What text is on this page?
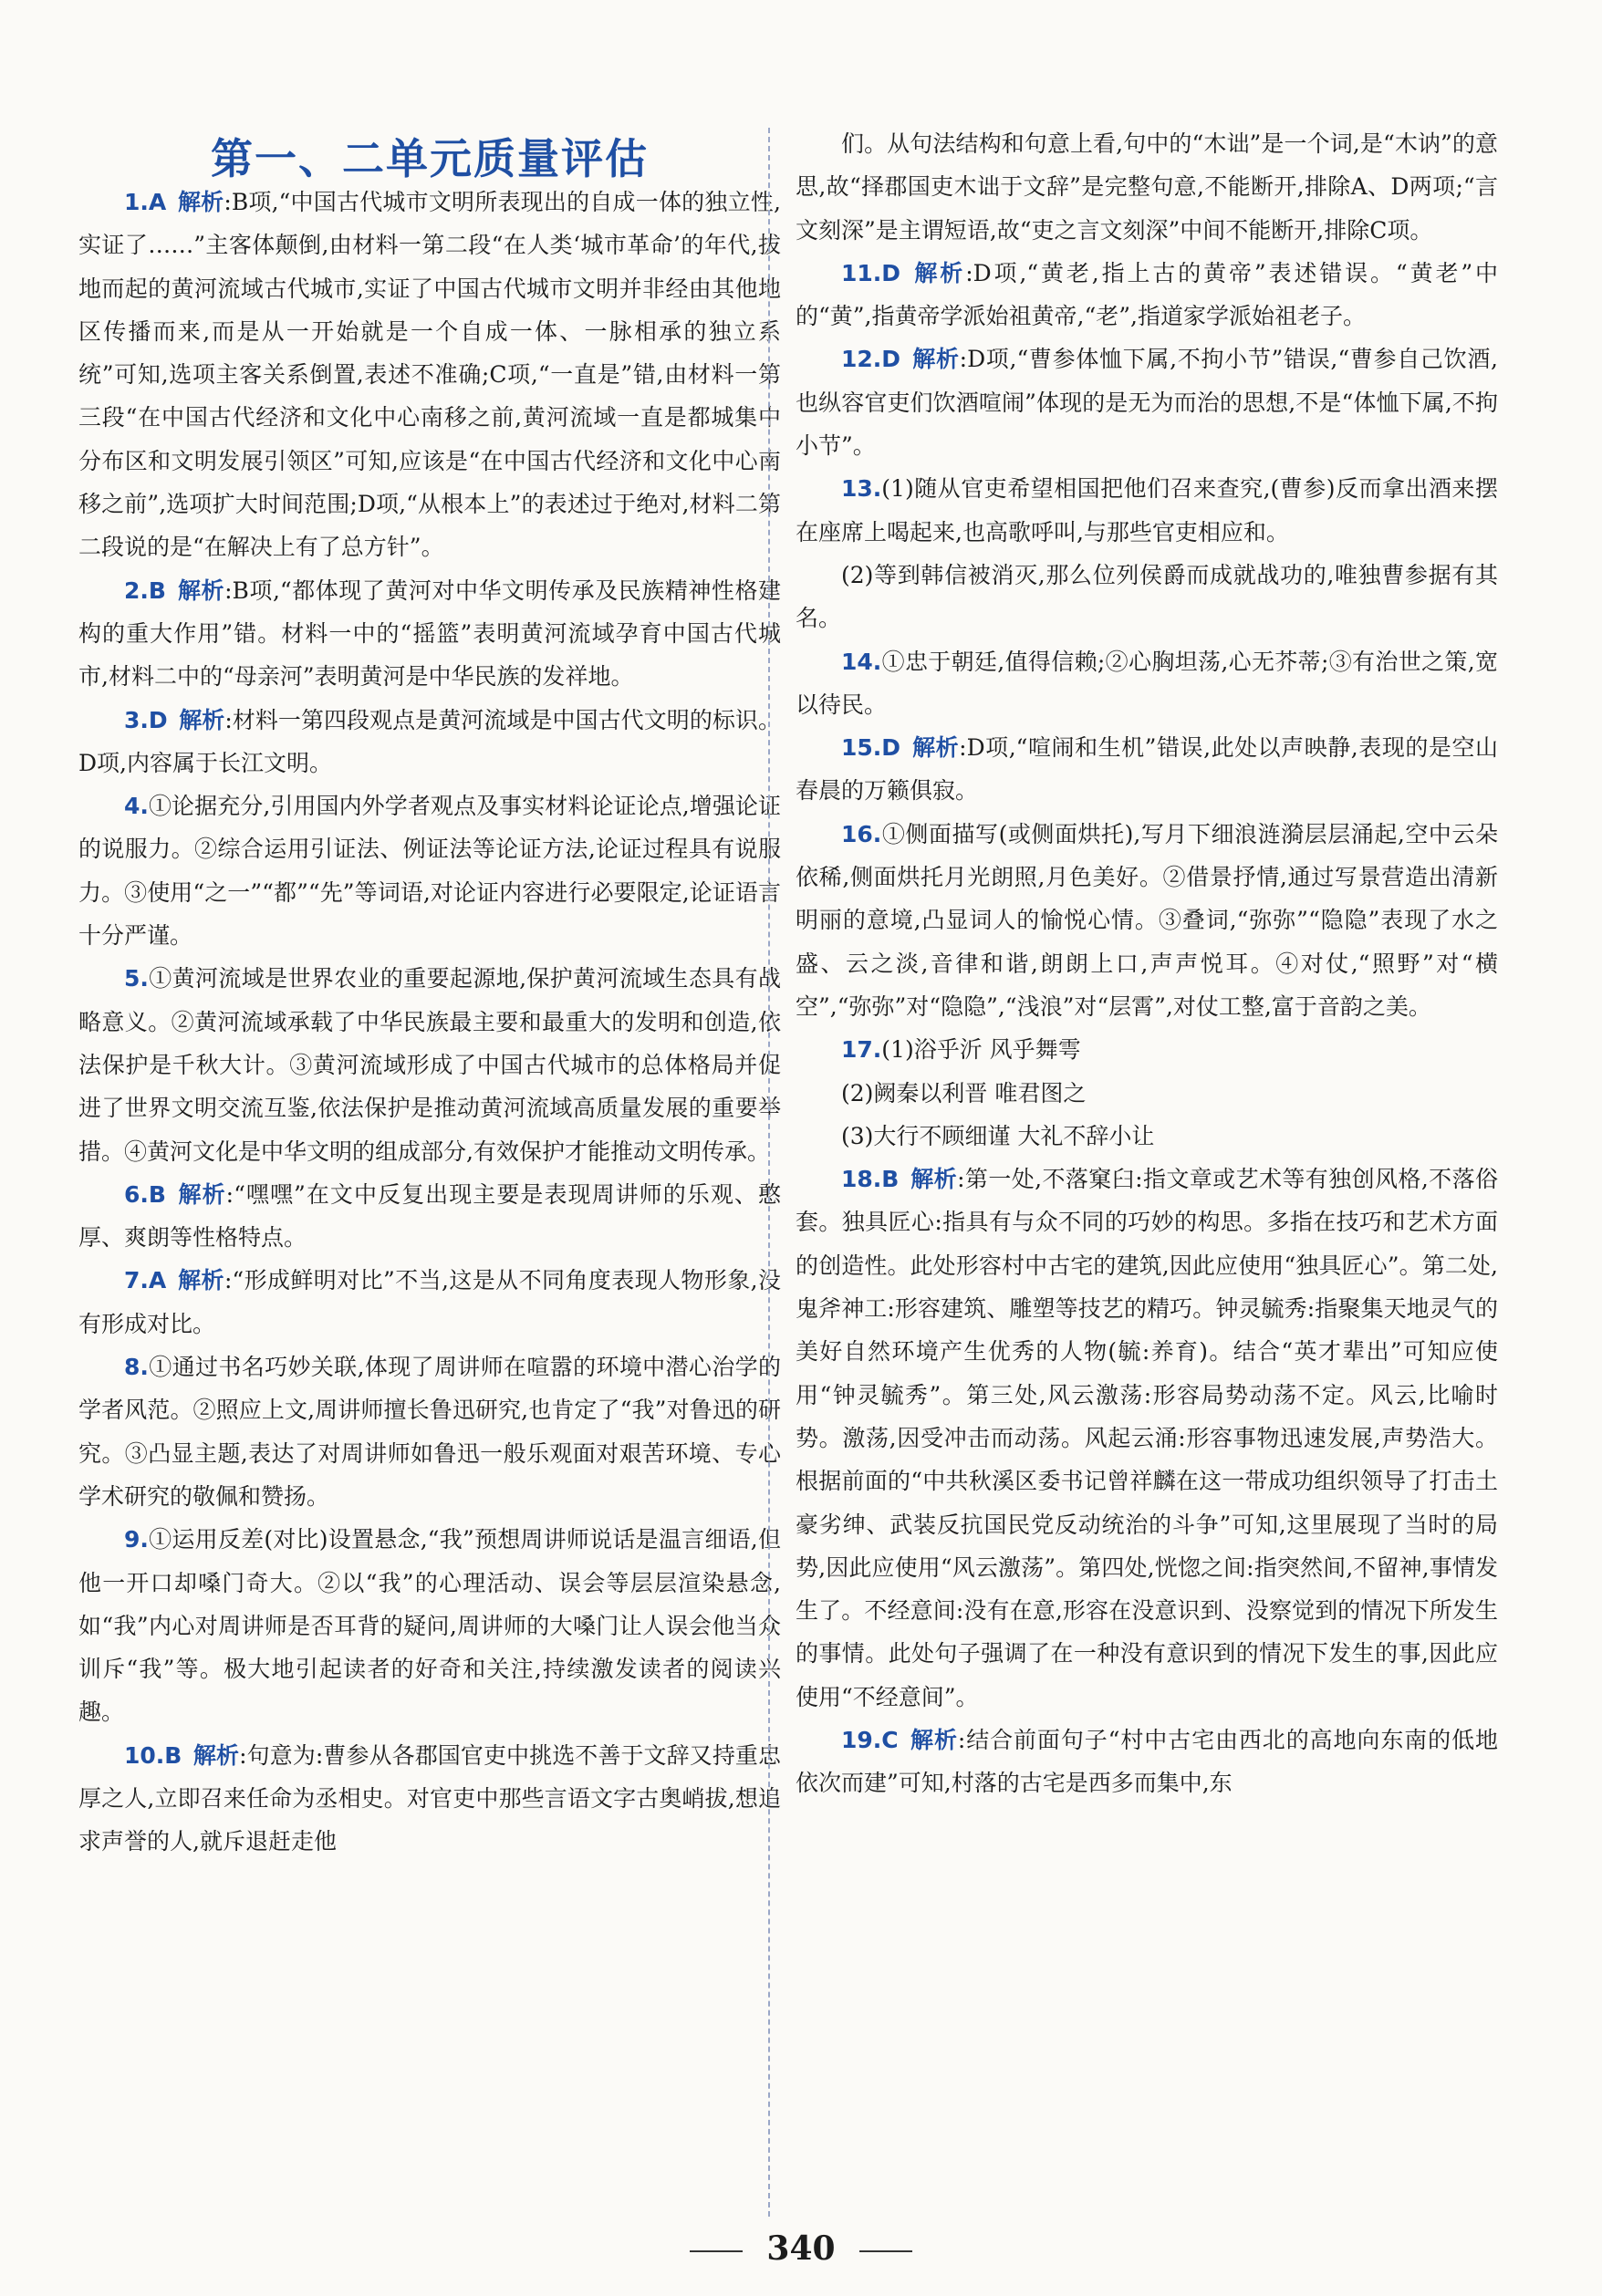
第一、二单元质量评估

1.A  解析:B项,“中国古代城市文明所表现出的自成一体的独立性,实证了……”主客体颠倒,由材料一第二段“在人类‘城市革命’的年代,拔地而起的黄河流域古代城市,实证了中国古代城市文明并非经由其他地区传播而来,而是从一开始就是一个自成一体、一脉相承的独立系统”可知,选项主客关系倒置,表述不准确;C项,“一直是”错,由材料一第三段“在中国古代经济和文化中心南移之前,黄河流域一直是都城集中分布区和文明发展引领区”可知,应该是“在中国古代经济和文化中心南移之前”,选项扩大时间范围;D项,“从根本上”的表述过于绝对,材料二第二段说的是“在解决上有了总方针”。

2.B  解析:B项,“都体现了黄河对中华文明传承及民族精神性格建构的重大作用”错。材料一中的“摇篮”表明黄河流域孕育中国古代城市,材料二中的“母亲河”表明黄河是中华民族的发祥地。

3.D  解析:材料一第四段观点是黄河流域是中国古代文明的标识。D项,内容属于长江文明。

4.①论据充分,引用国内外学者观点及事实材料论证论点,增强论证的说服力。②综合运用引证法、例证法等论证方法,论证过程具有说服力。③使用“之一”“都”“先”等词语,对论证内容进行必要限定,论证语言十分严谨。

5.①黄河流域是世界农业的重要起源地,保护黄河流域生态具有战略意义。②黄河流域承载了中华民族最主要和最重大的发明和创造,依法保护是千秋大计。③黄河流域形成了中国古代城市的总体格局并促进了世界文明交流互鉴,依法保护是推动黄河流域高质量发展的重要举措。④黄河文化是中华文明的组成部分,有效保护才能推动文明传承。

6.B  解析:“嘿嘿”在文中反复出现主要是表现周讲师的乐观、憨厚、爽朗等性格特点。

7.A  解析:“形成鲜明对比”不当,这是从不同角度表现人物形象,没有形成对比。

8.①通过书名巧妙关联,体现了周讲师在喧嚣的环境中潜心治学的学者风范。②照应上文,周讲师擅长鲁迅研究,也肯定了“我”对鲁迅的研究。③凸显主题,表达了对周讲师如鲁迅一般乐观面对艰苦环境、专心学术研究的敬佩和赞扬。

9.①运用反差(对比)设置悬念,“我”预想周讲师说话是温言细语,但他一开口却嗓门奇大。②以“我”的心理活动、误会等层层渲染悬念,如“我”内心对周讲师是否耳背的疑问,周讲师的大嗓门让人误会他当众训斥“我”等。极大地引起读者的好奇和关注,持续激发读者的阅读兴趣。

10.B  解析:句意为:曹参从各郡国官吏中挑选不善于文辞又持重忠厚之人,立即召来任命为丞相史。对官吏中那些言语文字古奥峭拔,想追求声誉的人,就斥退赶走他

们。从句法结构和句意上看,句中的“木诎”是一个词,是“木讷”的意思,故“择郡国吏木诎于文辞”是完整句意,不能断开,排除A、D两项;“言文刻深”是主谓短语,故“吏之言文刻深”中间不能断开,排除C项。

11.D  解析:D项,“黄老,指上古的黄帝”表述错误。“黄老”中的“黄”,指黄帝学派始祖黄帝,“老”,指道家学派始祖老子。

12.D  解析:D项,“曹参体恤下属,不拘小节”错误,“曹参自己饮酒,也纵容官吏们饮酒喧闹”体现的是无为而治的思想,不是“体恤下属,不拘小节”。

13.(1)随从官吏希望相国把他们召来查究,(曹参)反而拿出酒来摆在座席上喝起来,也高歌呼叫,与那些官吏相应和。

(2)等到韩信被消灭,那么位列侯爵而成就战功的,唯独曹参据有其名。

14.①忠于朝廷,值得信赖;②心胸坦荡,心无芥蒂;③有治世之策,宽以待民。

15.D  解析:D项,“喧闹和生机”错误,此处以声映静,表现的是空山春晨的万籁俱寂。

16.①侧面描写(或侧面烘托),写月下细浪涟漪层层涌起,空中云朵依稀,侧面烘托月光朗照,月色美好。②借景抒情,通过写景营造出清新明丽的意境,凸显词人的愉悦心情。③叠词,“弥弥”“隐隐”表现了水之盛、云之淡,音律和谐,朗朗上口,声声悦耳。④对仗,“照野”对“横空”,“弥弥”对“隐隐”,“浅浪”对“层霄”,对仗工整,富于音韵之美。

17.(1)浴乎沂 风乎舞雩

(2)阙秦以利晋 唯君图之

(3)大行不顾细谨 大礼不辞小让

18.B  解析:第一处,不落窠臼:指文章或艺术等有独创风格,不落俗套。独具匠心:指具有与众不同的巧妙的构思。多指在技巧和艺术方面的创造性。此处形容村中古宅的建筑,因此应使用“独具匠心”。第二处,鬼斧神工:形容建筑、雕塑等技艺的精巧。钟灵毓秀:指聚集天地灵气的美好自然环境产生优秀的人物(毓:养育)。结合“英才辈出”可知应使用“钟灵毓秀”。第三处,风云激荡:形容局势动荡不定。风云,比喻时势。激荡,因受冲击而动荡。风起云涌:形容事物迅速发展,声势浩大。根据前面的“中共秋溪区委书记曾祥麟在这一带成功组织领导了打击土豪劣绅、武装反抗国民党反动统治的斗争”可知,这里展现了当时的局势,因此应使用“风云激荡”。第四处,恍惚之间:指突然间,不留神,事情发生了。不经意间:没有在意,形容在没意识到、没察觉到的情况下所发生的事情。此处句子强调了在一种没有意识到的情况下发生的事,因此应使用“不经意间”。

19.C  解析:结合前面句子“村中古宅由西北的高地向东南的低地依次而建”可知,村落的古宅是西多而集中,东

340
